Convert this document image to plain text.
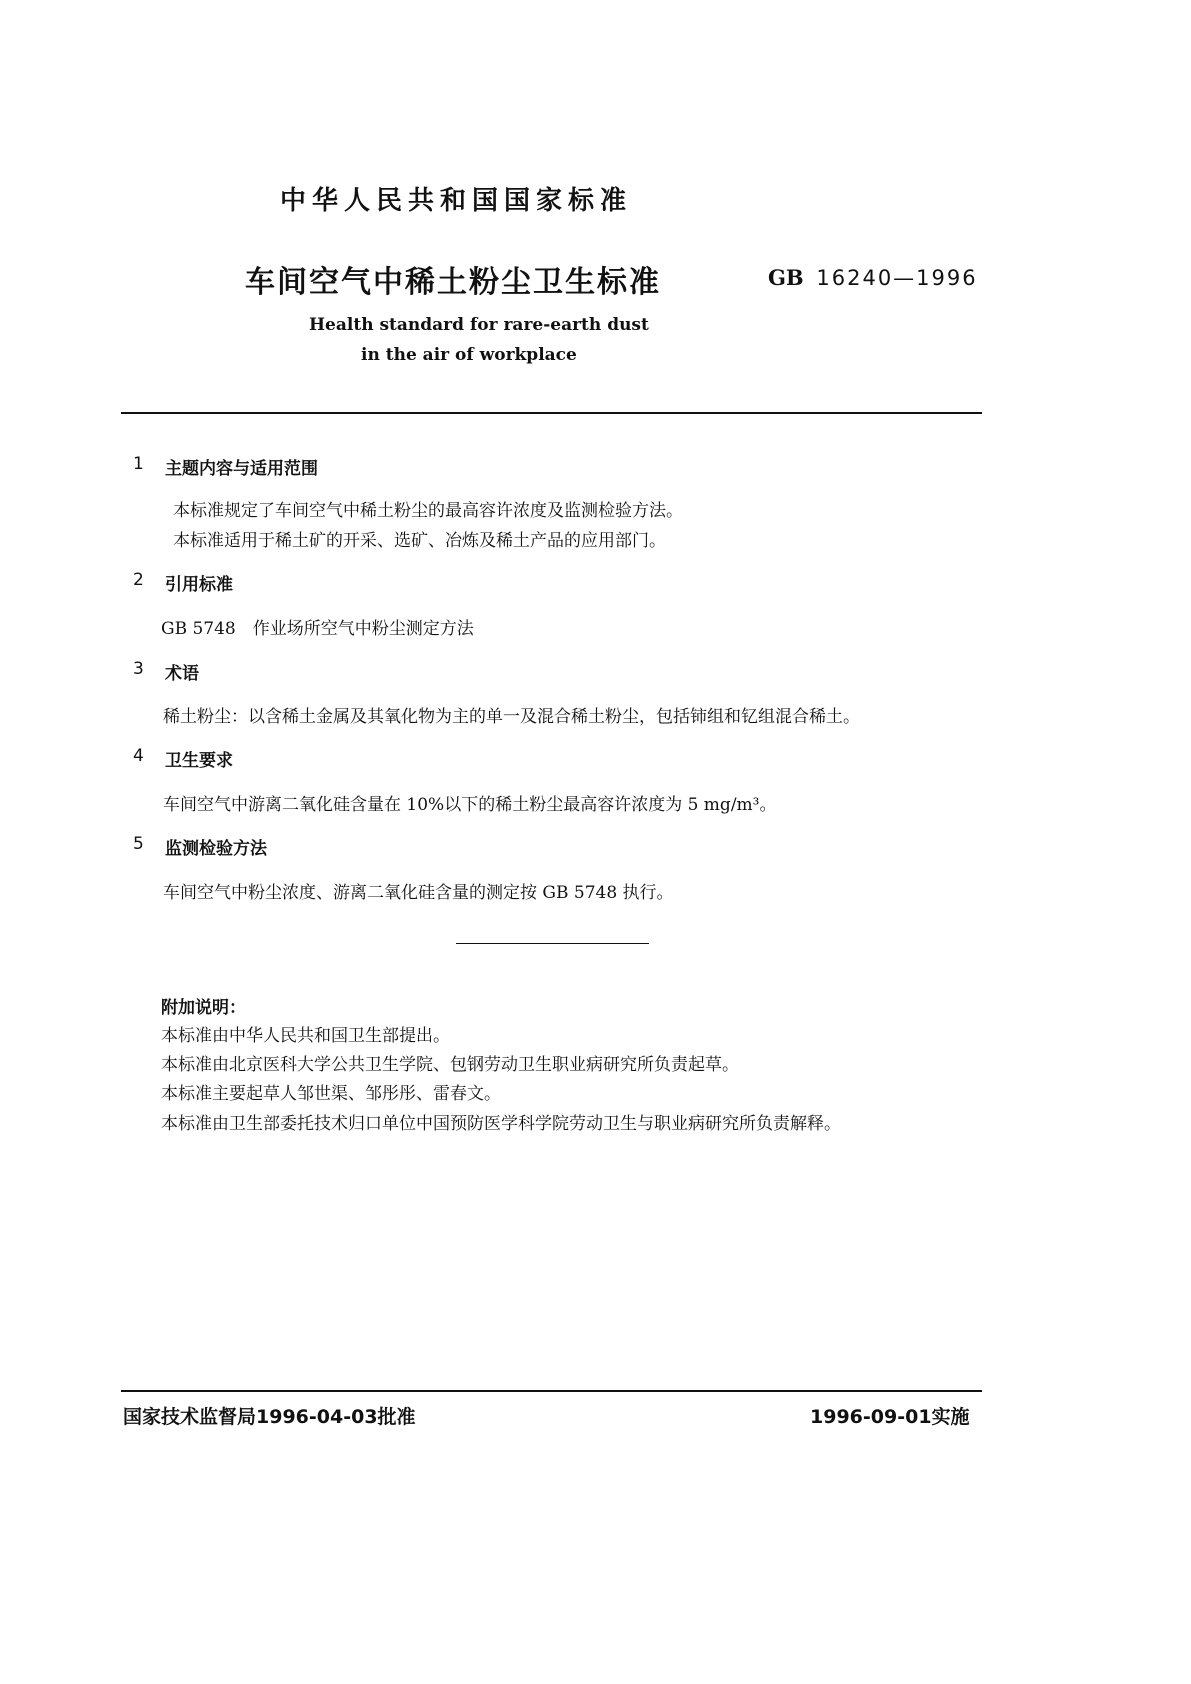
中华人民共和国国家标准
车间空气中稀土粉尘卫生标准	GB 16240—1996
Health standard for rare-earth dust
in the air of workplace
1 主题内容与适用范围
本标准规定了车间空气中稀土粉尘的最高容许浓度及监测检验方法。
本标准适用于稀土矿的开采、选矿、冶炼及稀土产品的应用部门。
2 引用标准
GB 5748　作业场所空气中粉尘测定方法
3 术语
稀土粉尘：以含稀土金属及其氧化物为主的单一及混合稀土粉尘，包括铈组和钇组混合稀土。
4 卫生要求
车间空气中游离二氧化硅含量在 10%以下的稀土粉尘最高容许浓度为 5 mg/m³。
5 监测检验方法
车间空气中粉尘浓度、游离二氧化硅含量的测定按 GB 5748 执行。
附加说明：
本标准由中华人民共和国卫生部提出。
本标准由北京医科大学公共卫生学院、包钢劳动卫生职业病研究所负责起草。
本标准主要起草人邹世渠、邹彤彤、雷春文。
本标准由卫生部委托技术归口单位中国预防医学科学院劳动卫生与职业病研究所负责解释。
国家技术监督局1996-04-03批准	1996-09-01实施
